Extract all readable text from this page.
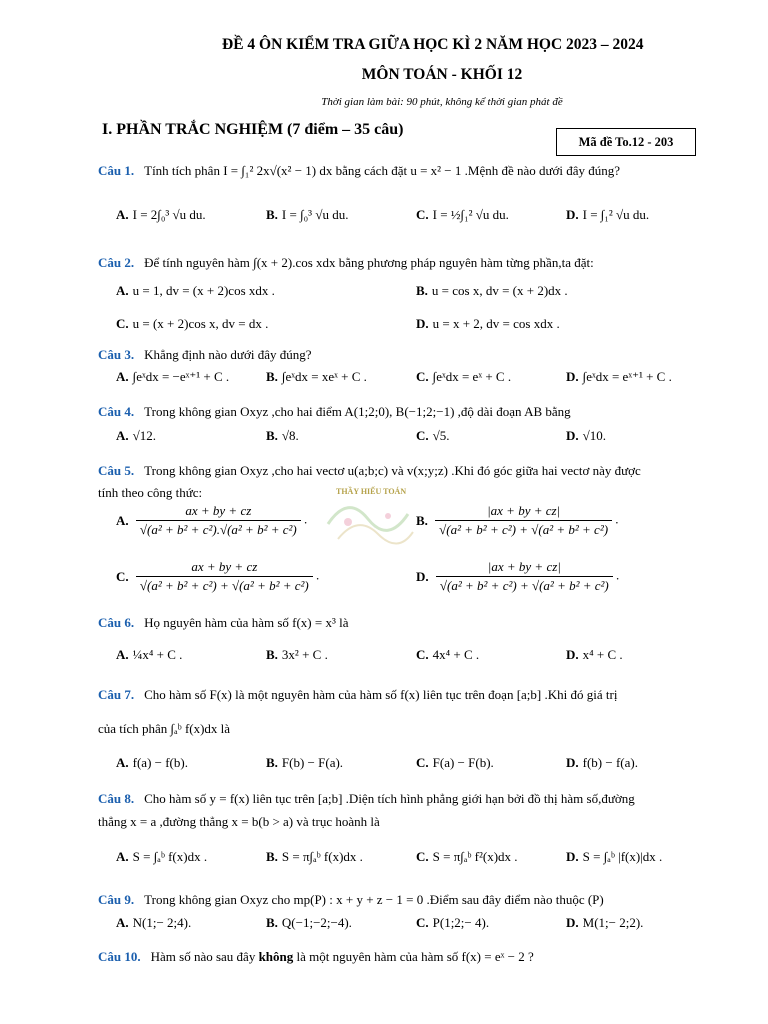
ĐỀ 4 ÔN KIỂM TRA GIỮA HỌC KÌ 2 NĂM HỌC 2023 – 2024
MÔN TOÁN - KHỐI 12
Thời gian làm bài: 90 phút, không kể thời gian phát đề
I. PHẦN TRẮC NGHIỆM (7 điểm – 35 câu)
Mã đề To.12 - 203
THẦY HIẾU TOÁN
Câu 1. Tính tích phân I = ∫₁² 2x√(x² − 1) dx bằng cách đặt u = x² − 1 .Mệnh đề nào dưới đây đúng?
A. I = 2∫₀³ √u du.	B. I = ∫₀³ √u du.	C. I = ½∫₁² √u du.	D. I = ∫₁² √u du.
Câu 2. Để tính nguyên hàm ∫(x + 2).cos xdx bằng phương pháp nguyên hàm từng phần,ta đặt:
A. u = 1, dv = (x + 2)cos xdx .	B. u = cos x, dv = (x + 2)dx .
C. u = (x + 2)cos x, dv = dx .	D. u = x + 2, dv = cos xdx .
Câu 3. Khẳng định nào dưới đây đúng?
A. ∫eˣdx = −eˣ⁺¹ + C .	B. ∫eˣdx = xeˣ + C .	C. ∫eˣdx = eˣ + C .	D. ∫eˣdx = eˣ⁺¹ + C .
Câu 4. Trong không gian Oxyz ,cho hai điểm A(1;2;0), B(−1;2;−1) ,độ dài đoạn AB bằng
A. √12.	B. √8.	C. √5.	D. √10.
Câu 5. Trong không gian Oxyz ,cho hai vectơ u(a;b;c) và v(x;y;z) .Khi đó góc giữa hai vectơ này được
tính theo công thức:
A. $\frac{ax + by + cz}{\text{√(a² + b² + c²).√(a² + b² + c²)}}$ .	B. $\frac{|ax + by + cz|}{\text{√(a² + b² + c²) + √(a² + b² + c²)}}$ .
C. $\frac{ax + by + cz}{\text{√(a² + b² + c²) + √(a² + b² + c²)}}$ .	D. $\frac{|ax + by + cz|}{\text{√(a² + b² + c²) + √(a² + b² + c²)}}$ .
Câu 6. Họ nguyên hàm của hàm số f(x) = x³ là
A. ¼x⁴ + C .	B. 3x² + C .	C. 4x⁴ + C .	D. x⁴ + C .
Câu 7. Cho hàm số F(x) là một nguyên hàm của hàm số f(x) liên tục trên đoạn [a;b] .Khi đó giá trị
của tích phân ∫ₐᵇ f(x)dx là
A. f(a) − f(b).	B. F(b) − F(a).	C. F(a) − F(b).	D. f(b) − f(a).
Câu 8. Cho hàm số y = f(x) liên tục trên [a;b] .Diện tích hình phẳng giới hạn bởi đồ thị hàm số,đường
thẳng x = a ,đường thẳng x = b(b > a) và trục hoành là
A. S = ∫ₐᵇ f(x)dx .	B. S = π∫ₐᵇ f(x)dx .	C. S = π∫ₐᵇ f²(x)dx .	D. S = ∫ₐᵇ |f(x)|dx .
Câu 9. Trong không gian Oxyz cho mp(P) : x + y + z − 1 = 0 .Điểm sau đây điểm nào thuộc (P)
A. N(1;− 2;4).	B. Q(−1;−2;−4).	C. P(1;2;− 4).	D. M(1;− 2;2).
Câu 10. Hàm số nào sau đây không là một nguyên hàm của hàm số f(x) = eˣ − 2 ?
